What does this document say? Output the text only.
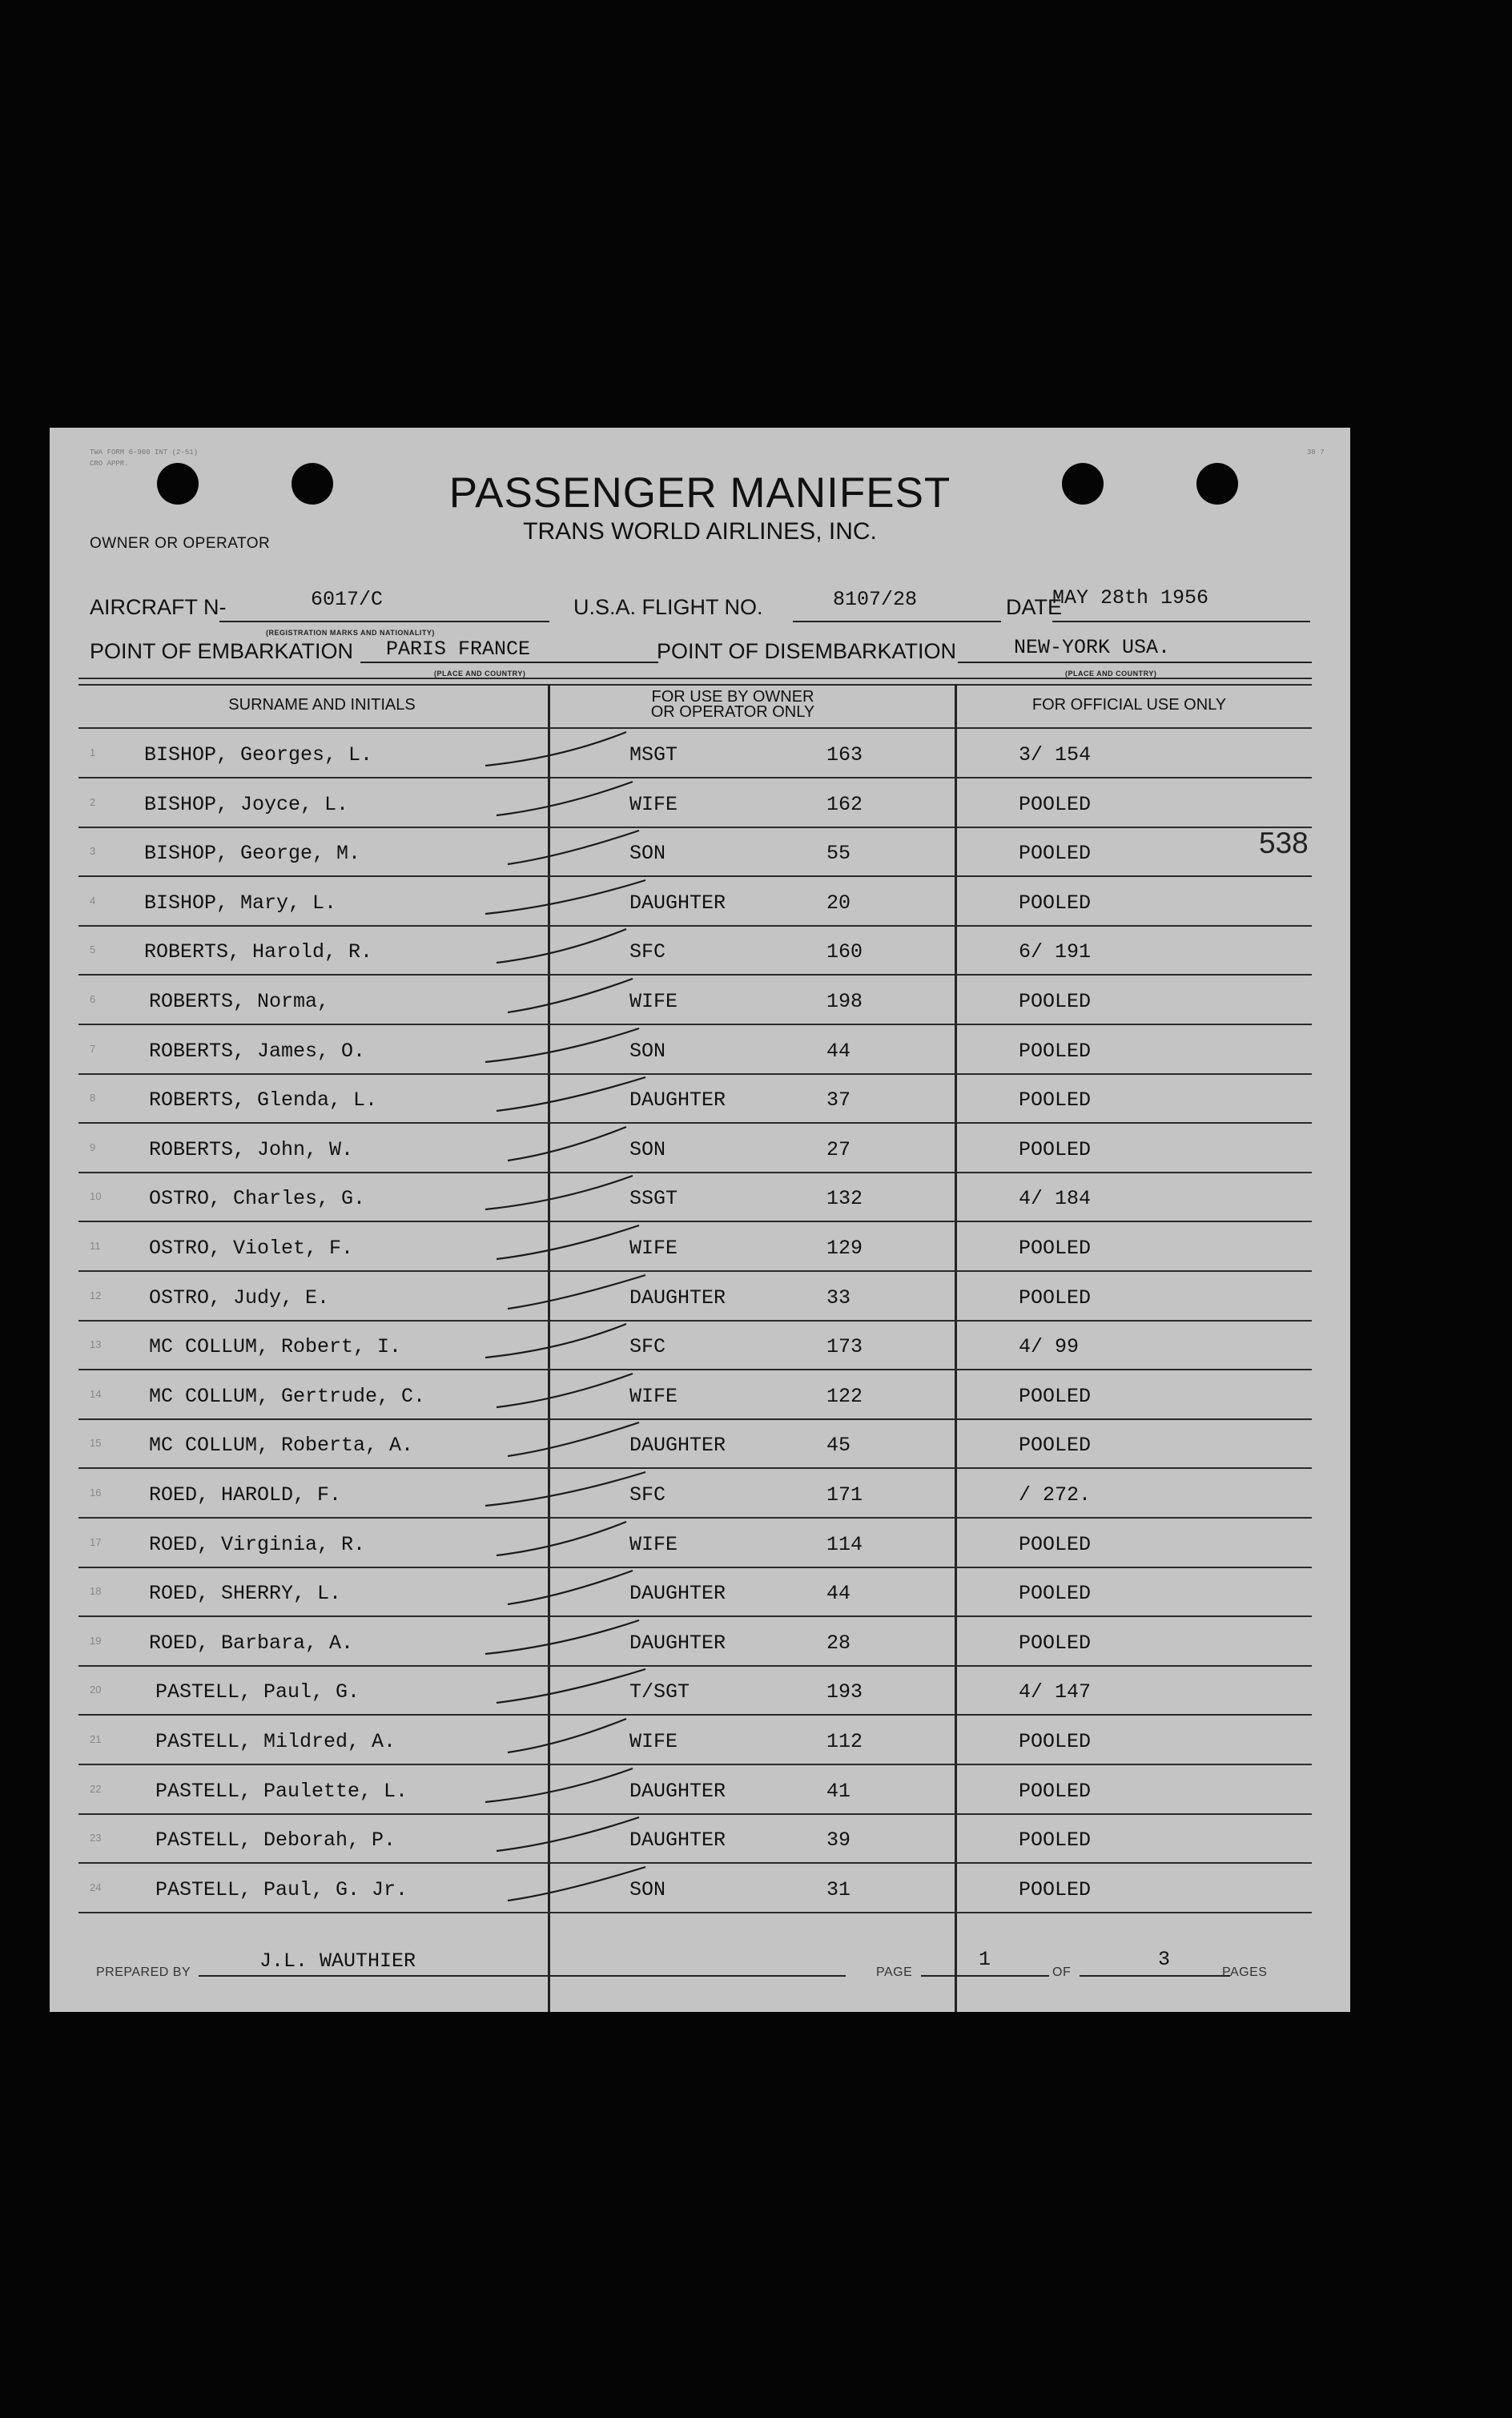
TWA FORM 6-900 INT (2-51)
CRO APPR.
38 7
PASSENGER MANIFEST
TRANS WORLD AIRLINES, INC.
OWNER OR OPERATOR
AIRCRAFT N-	6017/C
(REGISTRATION MARKS AND NATIONALITY)
U.S.A. FLIGHT NO.	8107/28	DATE
MAY 28th 1956
POINT OF EMBARKATION PARIS FRANCE
(PLACE AND COUNTRY)
POINT OF DISEMBARKATION	NEW-YORK USA.
(PLACE AND COUNTRY)
SURNAME AND INITIALS	FOR USE BY OWNER
OR OPERATOR ONLY	FOR OFFICIAL USE ONLY
1 BISHOP, Georges, L.	MSGT	163	3/ 154
2 BISHOP, Joyce, L.	WIFE	162	POOLED
3 BISHOP, George, M.	SON	55	POOLED
4 BISHOP, Mary, L.	DAUGHTER	20	POOLED
5 ROBERTS, Harold, R.	SFC	160	6/ 191
6	ROBERTS, Norma,	WIFE	198	POOLED
7	ROBERTS, James, O.	SON	44	POOLED
8	ROBERTS, Glenda, L.	DAUGHTER	37	POOLED
9	ROBERTS, John, W.	SON	27	POOLED
10 OSTRO, Charles, G.	SSGT	132	4/ 184
11 OSTRO, Violet, F.	WIFE	129	POOLED
12 OSTRO, Judy, E.	DAUGHTER	33	POOLED
13 MC COLLUM, Robert, I.	SFC	173	4/ 99
14 MC COLLUM, Gertrude, C.	WIFE	122	POOLED
15 MC COLLUM, Roberta, A.	DAUGHTER	45	POOLED
16 ROED, HAROLD, F.	SFC	171	/ 272.
17 ROED, Virginia, R.	WIFE	114	POOLED
18 ROED, SHERRY, L.	DAUGHTER	44	POOLED
19 ROED, Barbara, A.	DAUGHTER	28	POOLED
20	PASTELL, Paul, G.	T/SGT	193	4/ 147
21	PASTELL, Mildred, A.	WIFE	112	POOLED
22	PASTELL, Paulette, L.	DAUGHTER	41	POOLED
23	PASTELL, Deborah, P.	DAUGHTER	39	POOLED
24	PASTELL, Paul, G. Jr.	SON	31	POOLED
538
PREPARED BY	J.L. WAUTHIER	PAGE
1
OF
3
PAGES
